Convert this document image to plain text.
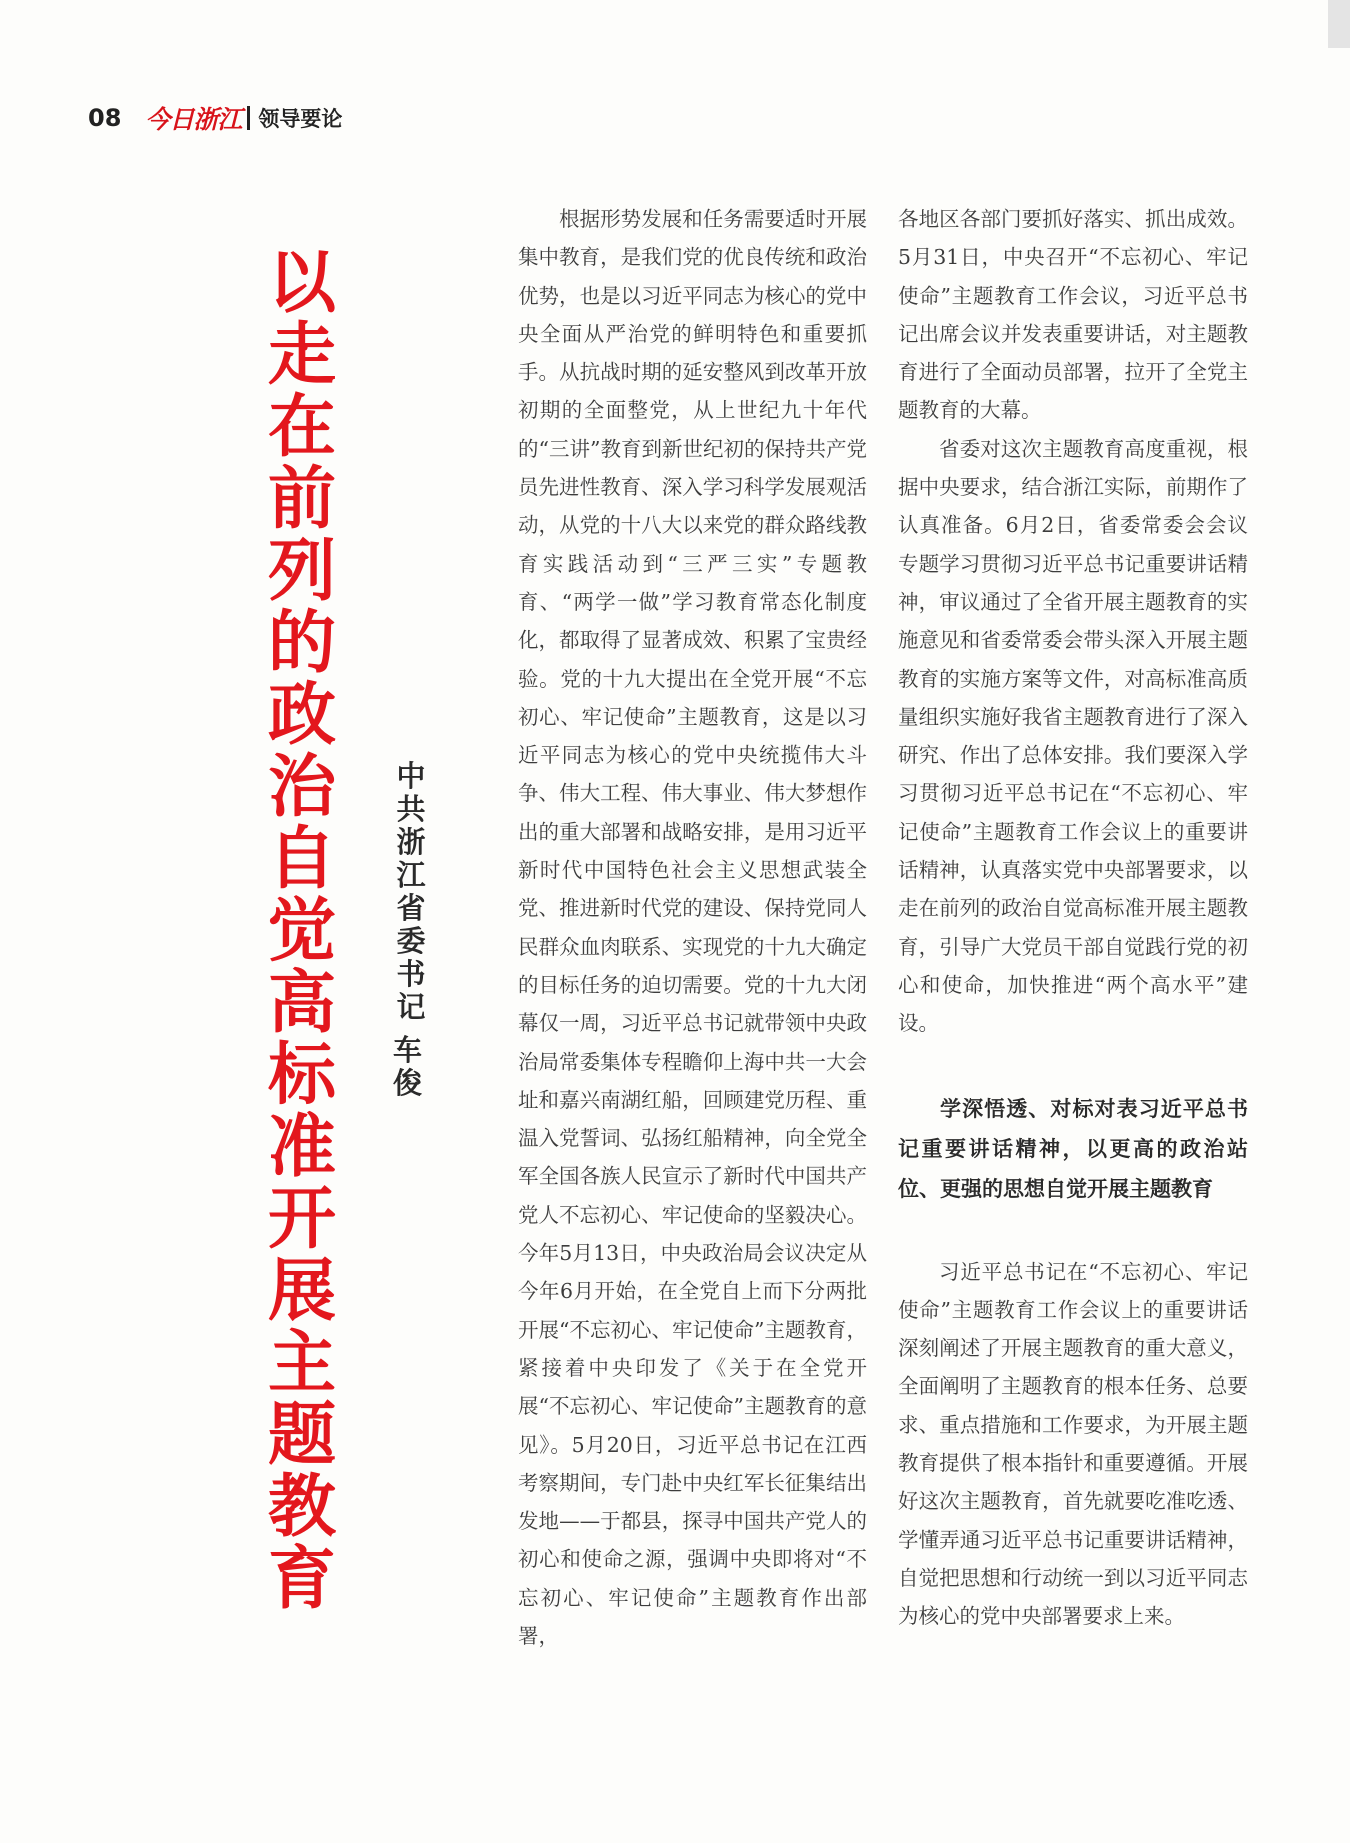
08 今日浙江 领导要论
以走在前列的政治自觉高标准开展主题教育
中共浙江省委书记
车俊

根据形势发展和任务需要适时开展集中教育，是我们党的优良传统和政治优势，也是以习近平同志为核心的党中央全面从严治党的鲜明特色和重要抓手。从抗战时期的延安整风到改革开放初期的全面整党，从上世纪九十年代的“三讲”教育到新世纪初的保持共产党员先进性教育、深入学习科学发展观活动，从党的十八大以来党的群众路线教育实践活动到“三严三实”专题教育、“两学一做”学习教育常态化制度化，都取得了显著成效、积累了宝贵经验。党的十九大提出在全党开展“不忘初心、牢记使命”主题教育，这是以习近平同志为核心的党中央统揽伟大斗争、伟大工程、伟大事业、伟大梦想作出的重大部署和战略安排，是用习近平新时代中国特色社会主义思想武装全党、推进新时代党的建设、保持党同人民群众血肉联系、实现党的十九大确定的目标任务的迫切需要。党的十九大闭幕仅一周，习近平总书记就带领中央政治局常委集体专程瞻仰上海中共一大会址和嘉兴南湖红船，回顾建党历程、重温入党誓词、弘扬红船精神，向全党全军全国各族人民宣示了新时代中国共产党人不忘初心、牢记使命的坚毅决心。今年5月13日，中央政治局会议决定从今年6月开始，在全党自上而下分两批开展“不忘初心、牢记使命”主题教育，紧接着中央印发了《关于在全党开展“不忘初心、牢记使命”主题教育的意见》。5月20日，习近平总书记在江西考察期间，专门赴中央红军长征集结出发地——于都县，探寻中国共产党人的初心和使命之源，强调中央即将对“不忘初心、牢记使命”主题教育作出部署，

各地区各部门要抓好落实、抓出成效。5月31日，中央召开“不忘初心、牢记使命”主题教育工作会议，习近平总书记出席会议并发表重要讲话，对主题教育进行了全面动员部署，拉开了全党主题教育的大幕。

省委对这次主题教育高度重视，根据中央要求，结合浙江实际，前期作了认真准备。6月2日，省委常委会会议专题学习贯彻习近平总书记重要讲话精神，审议通过了全省开展主题教育的实施意见和省委常委会带头深入开展主题教育的实施方案等文件，对高标准高质量组织实施好我省主题教育进行了深入研究、作出了总体安排。我们要深入学习贯彻习近平总书记在“不忘初心、牢记使命”主题教育工作会议上的重要讲话精神，认真落实党中央部署要求，以走在前列的政治自觉高标准开展主题教育，引导广大党员干部自觉践行党的初心和使命，加快推进“两个高水平”建设。

学深悟透、对标对表习近平总书记重要讲话精神，以更高的政治站位、更强的思想自觉开展主题教育

习近平总书记在“不忘初心、牢记使命”主题教育工作会议上的重要讲话深刻阐述了开展主题教育的重大意义，全面阐明了主题教育的根本任务、总要求、重点措施和工作要求，为开展主题教育提供了根本指针和重要遵循。开展好这次主题教育，首先就要吃准吃透、学懂弄通习近平总书记重要讲话精神，自觉把思想和行动统一到以习近平同志为核心的党中央部署要求上来。
